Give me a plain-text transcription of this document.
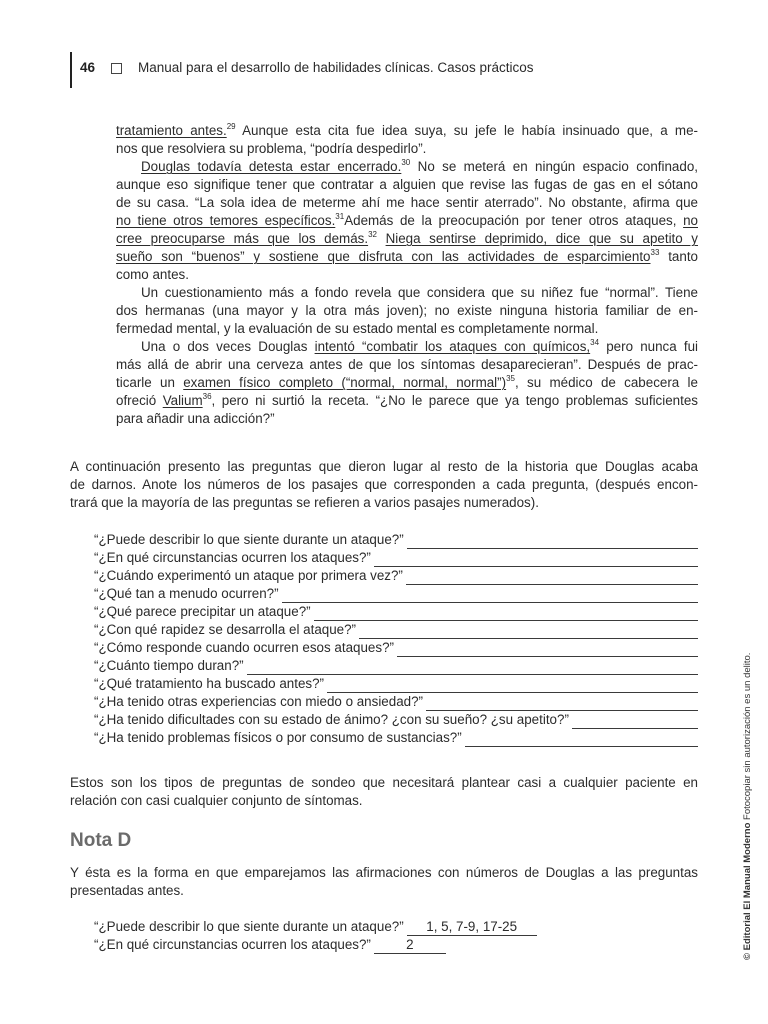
46	Manual para el desarrollo de habilidades clínicas. Casos prácticos
tratamiento antes.$^{29}$ Aunque esta cita fue idea suya, su jefe le había insinuado que, a me-
nos que resolviera su problema, “podría despedirlo”.
Douglas todavía detesta estar encerrado.$^{30}$ No se meterá en ningún espacio confinado,
aunque eso signifique tener que contratar a alguien que revise las fugas de gas en el sótano
de su casa. “La sola idea de meterme ahí me hace sentir aterrado”. No obstante, afirma que
no tiene otros temores específicos.$^{31}$Además de la preocupación por tener otros ataques, no
cree preocuparse más que los demás.$^{32}$ Niega sentirse deprimido, dice que su apetito y
sueño son “buenos” y sostiene que disfruta con las actividades de esparcimiento$^{33}$ tanto
como antes.
Un cuestionamiento más a fondo revela que considera que su niñez fue “normal”. Tiene
dos hermanas (una mayor y la otra más joven); no existe ninguna historia familiar de en-
fermedad mental, y la evaluación de su estado mental es completamente normal.
Una o dos veces Douglas intentó “combatir los ataques con químicos,$^{34}$ pero nunca fui
más allá de abrir una cerveza antes de que los síntomas desaparecieran”. Después de prac-
ticarle un examen físico completo (“normal, normal, normal”)$^{35}$, su médico de cabecera le
ofreció Valium$^{36}$, pero ni surtió la receta. “¿No le parece que ya tengo problemas suficientes
para añadir una adicción?”
A continuación presento las preguntas que dieron lugar al resto de la historia que Douglas acaba
de darnos. Anote los números de los pasajes que corresponden a cada pregunta, (después encon-
trará que la mayoría de las preguntas se refieren a varios pasajes numerados).
“¿Puede describir lo que siente durante un ataque?”
“¿En qué circunstancias ocurren los ataques?”
“¿Cuándo experimentó un ataque por primera vez?”
“¿Qué tan a menudo ocurren?”
“¿Qué parece precipitar un ataque?”
“¿Con qué rapidez se desarrolla el ataque?”
“¿Cómo responde cuando ocurren esos ataques?”
“¿Cuánto tiempo duran?”
“¿Qué tratamiento ha buscado antes?”
“¿Ha tenido otras experiencias con miedo o ansiedad?”
“¿Ha tenido dificultades con su estado de ánimo? ¿con su sueño? ¿su apetito?”
“¿Ha tenido problemas físicos o por consumo de sustancias?”
Estos son los tipos de preguntas de sondeo que necesitará plantear casi a cualquier paciente en
relación con casi cualquier conjunto de síntomas.
Nota D
Y ésta es la forma en que emparejamos las afirmaciones con números de Douglas a las preguntas
presentadas antes.
“¿Puede describir lo que siente durante un ataque?”	1, 5, 7-9, 17-25
“¿En qué circunstancias ocurren los ataques?”	2	© Editorial El Manual Moderno Fotocopiar sin autorización es un delito.
